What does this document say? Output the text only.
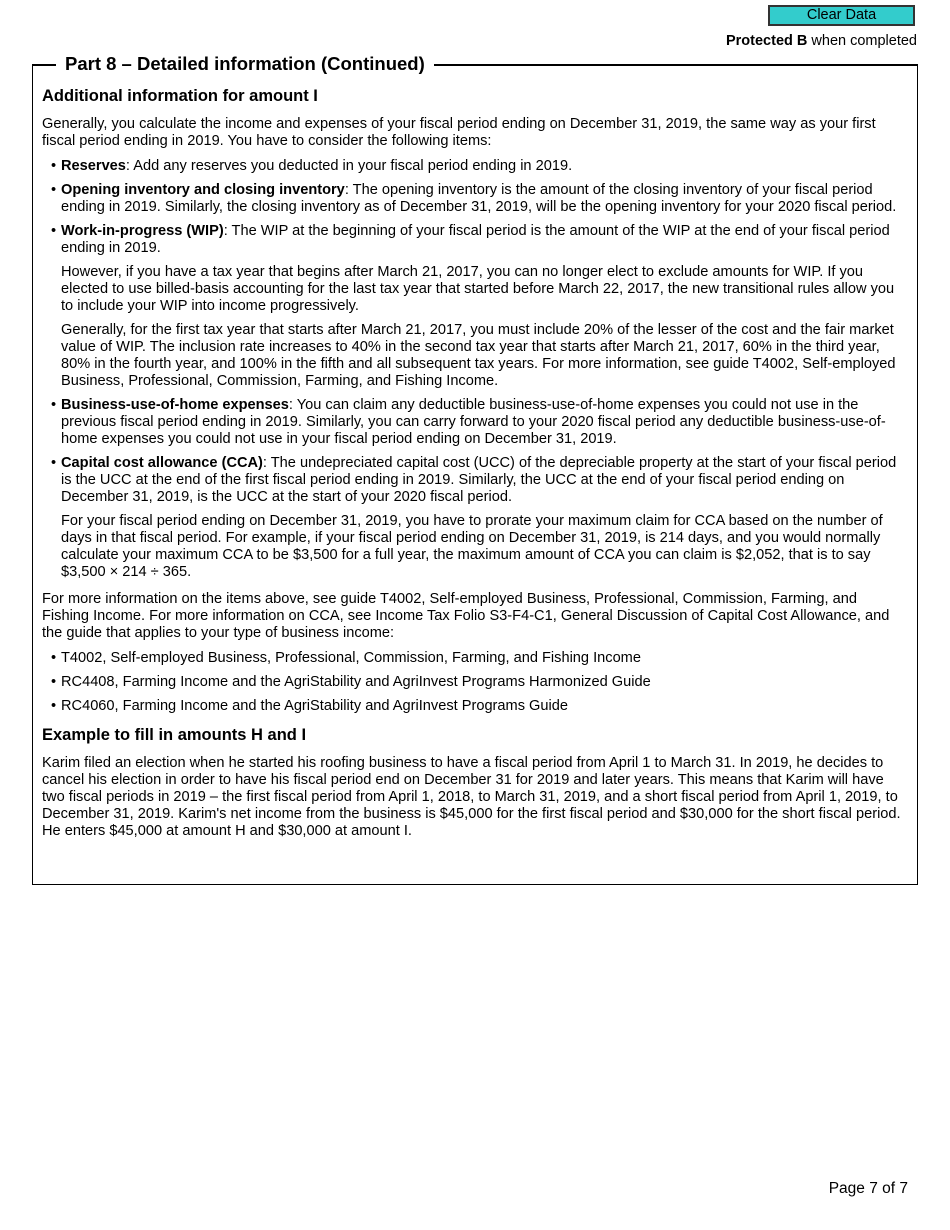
Clear Data
Protected B when completed
Part 8 – Detailed information (Continued)
Additional information for amount I

Generally, you calculate the income and expenses of your fiscal period ending on December 31, 2019, the same way as your first fiscal period ending in 2019. You have to consider the following items:

• Reserves: Add any reserves you deducted in your fiscal period ending in 2019.

• Opening inventory and closing inventory: The opening inventory is the amount of the closing inventory of your fiscal period ending in 2019. Similarly, the closing inventory as of December 31, 2019, will be the opening inventory for your 2020 fiscal period.

• Work-in-progress (WIP): The WIP at the beginning of your fiscal period is the amount of the WIP at the end of your fiscal period ending in 2019.

However, if you have a tax year that begins after March 21, 2017, you can no longer elect to exclude amounts for WIP. If you elected to use billed-basis accounting for the last tax year that started before March 22, 2017, the new transitional rules allow you to include your WIP into income progressively.

Generally, for the first tax year that starts after March 21, 2017, you must include 20% of the lesser of the cost and the fair market value of WIP. The inclusion rate increases to 40% in the second tax year that starts after March 21, 2017, 60% in the third year, 80% in the fourth year, and 100% in the fifth and all subsequent tax years. For more information, see guide T4002, Self-employed Business, Professional, Commission, Farming, and Fishing Income.

• Business-use-of-home expenses: You can claim any deductible business-use-of-home expenses you could not use in the previous fiscal period ending in 2019. Similarly, you can carry forward to your 2020 fiscal period any deductible business-use-of-home expenses you could not use in your fiscal period ending on December 31, 2019.

• Capital cost allowance (CCA): The undepreciated capital cost (UCC) of the depreciable property at the start of your fiscal period is the UCC at the end of the first fiscal period ending in 2019. Similarly, the UCC at the end of your fiscal period ending on December 31, 2019, is the UCC at the start of your 2020 fiscal period.

For your fiscal period ending on December 31, 2019, you have to prorate your maximum claim for CCA based on the number of days in that fiscal period. For example, if your fiscal period ending on December 31, 2019, is 214 days, and you would normally calculate your maximum CCA to be $3,500 for a full year, the maximum amount of CCA you can claim is $2,052, that is to say $3,500 × 214 ÷ 365.

For more information on the items above, see guide T4002, Self-employed Business, Professional, Commission, Farming, and Fishing Income. For more information on CCA, see Income Tax Folio S3-F4-C1, General Discussion of Capital Cost Allowance, and the guide that applies to your type of business income:

• T4002, Self-employed Business, Professional, Commission, Farming, and Fishing Income

• RC4408, Farming Income and the AgriStability and AgriInvest Programs Harmonized Guide

• RC4060, Farming Income and the AgriStability and AgriInvest Programs Guide

Example to fill in amounts H and I

Karim filed an election when he started his roofing business to have a fiscal period from April 1 to March 31. In 2019, he decides to cancel his election in order to have his fiscal period end on December 31 for 2019 and later years. This means that Karim will have two fiscal periods in 2019 – the first fiscal period from April 1, 2018, to March 31, 2019, and a short fiscal period from April 1, 2019, to December 31, 2019. Karim's net income from the business is $45,000 for the first fiscal period and $30,000 for the short fiscal period. He enters $45,000 at amount H and $30,000 at amount I.

Page 7 of 7
